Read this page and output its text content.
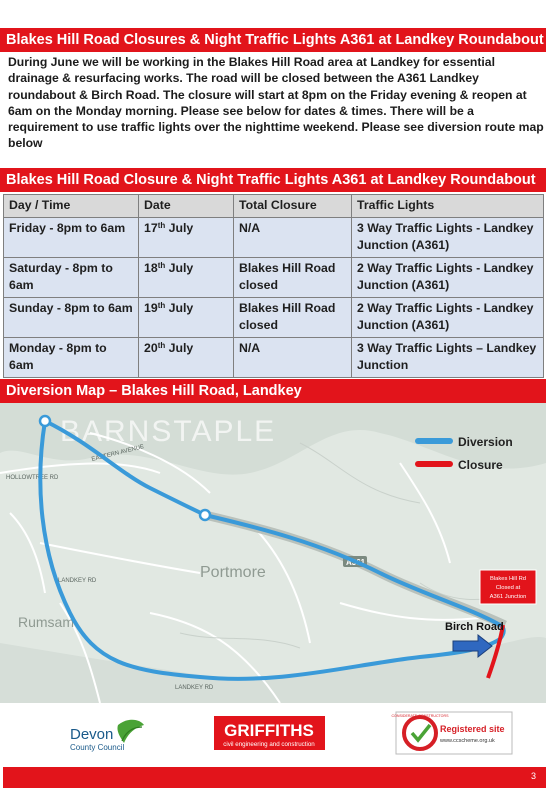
Blakes Hill Road Closures & Night Traffic Lights A361 at Landkey Roundabout

During June we will be working in the Blakes Hill Road area at Landkey for essential drainage & resurfacing works. The road will be closed between the A361 Landkey roundabout & Birch Road. The closure will start at 8pm on the Friday evening & reopen at 6am on the Monday morning. Please see below for dates & times. There will be a requirement to use traffic lights over the nighttime weekend. Please see diversion route map below

Blakes Hill Road Closure & Night Traffic Lights A361 at Landkey Roundabout
Day / Time	Date	Total Closure	Traffic Lights
Friday - 8pm to 6am	17th July	N/A	3 Way Traffic Lights - Landkey Junction (A361)
Saturday - 8pm to 6am	18th July	Blakes Hill Road closed	2 Way Traffic Lights - Landkey Junction (A361)
Sunday - 8pm to 6am	19th July	Blakes Hill Road closed	2 Way Traffic Lights - Landkey Junction (A361)
Monday - 8pm to 6am	20th July	N/A	3 Way Traffic Lights – Landkey Junction
Diversion Map – Blakes Hill Road, Landkey
BARNSTAPLE
Portmore
Rumsam
HOLLOWTREE RD
EASTERN AVENUE
LANDKEY RD
LANDKEY RD
A361
Birch Road
Blakes Hill Rd
Closed at
A361 Junction
Diversion
Closure
Devon
County Council
GRIFFITHS
civil engineering and construction
CONSIDERATE CONSTRUCTORS
Registered site
www.ccscheme.org.uk
3
